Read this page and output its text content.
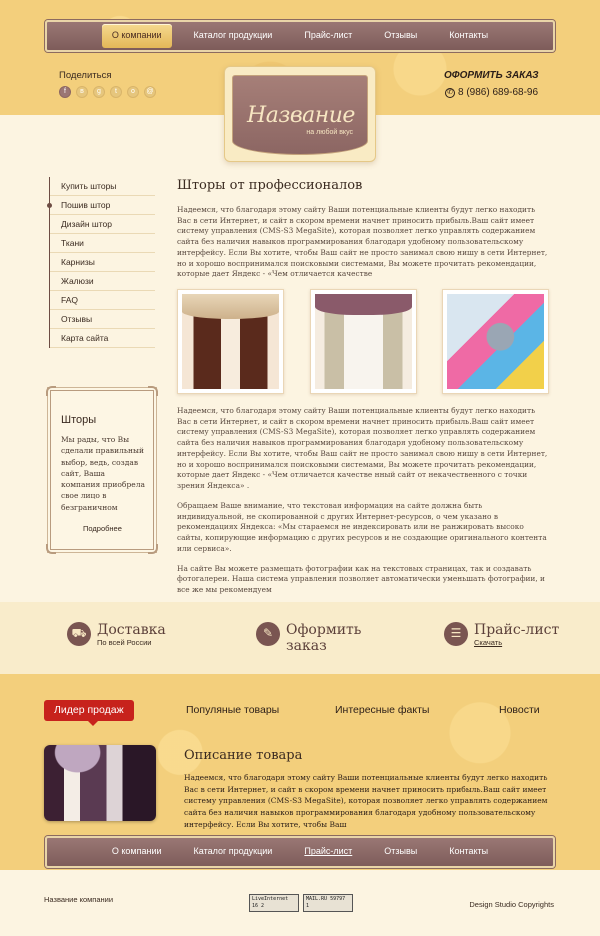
О компании	Каталог продукции	Прайс-лист	Отзывы	Контакты
Поделиться
f	в	g	t	о	@
Название
на любой вкус
ОФОРМИТЬ ЗАКАЗ
✆ 8 (986) 689-68-96
Купить шторы
Пошив штор
Дизайн штор
Ткани
Карнизы
Жалюзи
FAQ
Отзывы
Карта сайта
Шторы
Мы рады, что Вы сделали правильный выбор, ведь, создав сайт, Ваша компания приобрела свое лицо в безграничном
Подробнее
Шторы от профессионалов

Надеемся, что благодаря этому сайту Ваши потенциальные клиенты будут легко находить Вас в сети Интернет, и сайт в скором времени начнет приносить прибыль.Ваш сайт имеет систему управления (CMS-S3 MegaSite), которая позволяет легко управлять содержанием сайта без наличия навыков программирования благодаря удобному пользовательскому интерфейсу. Если Вы хотите, чтобы Ваш сайт не просто занимал свою нишу в сети Интернет, но и хорошо воспринимался поисковыми системами, Вы можете прочитать рекомендации, которые дает Яндекс - «Чем отличается качестве

Надеемся, что благодаря этому сайту Ваши потенциальные клиенты будут легко находить Вас в сети Интернет, и сайт в скором времени начнет приносить прибыль.Ваш сайт имеет систему управления (CMS-S3 MegaSite), которая позволяет легко управлять содержанием сайта без наличия навыков программирования благодаря удобному пользовательскому интерфейсу. Если Вы хотите, чтобы Ваш сайт не просто занимал свою нишу в сети Интернет, но и хорошо воспринимался поисковыми системами, Вы можете прочитать рекомендации, которые дает Яндекс - «Чем отличается качестве нный сайт от некачественного с точки зрения Яндекса» .

Обращаем Ваше внимание, что текстовая информация на сайте должна быть индивидуальной, не скопированной с других Интернет-ресурсов, о чем указано в рекомендациях Яндекса: «Мы стараемся не индексировать или не ранжировать высоко сайты, копирующие информацию с других ресурсов и не создающие оригинального контента или сервиса».

На сайте Вы можете размещать фотографии как на текстовых страницах, так и создавать фотогалереи. Наша система управления позволяет автоматически уменьшать фотографии, и все же мы рекомендуем

⛟ Доставка
По всей России
✎ Оформить заказ
☰ Прайс-лист
Скачать
Лидер продаж	Популяные товары	Интересные факты	Новости
Описание товара
Надеемся, что благодаря этому сайту Ваши потенциальные клиенты будут легко находить Вас в сети Интернет, и сайт в скором времени начнет приносить прибыль.Ваш сайт имеет систему управления (CMS-S3 MegaSite), которая позволяет легко управлять содержанием сайта без наличия навыков программирования благодаря удобному пользовательскому интерфейсу. Если Вы хотите, чтобы Ваш
О компании	Каталог продукции	Прайс-лист	Отзывы	Контакты
Название компании	LiveInternet 16 2
MAIL.RU 59797 1	Design Studio Copyrights
